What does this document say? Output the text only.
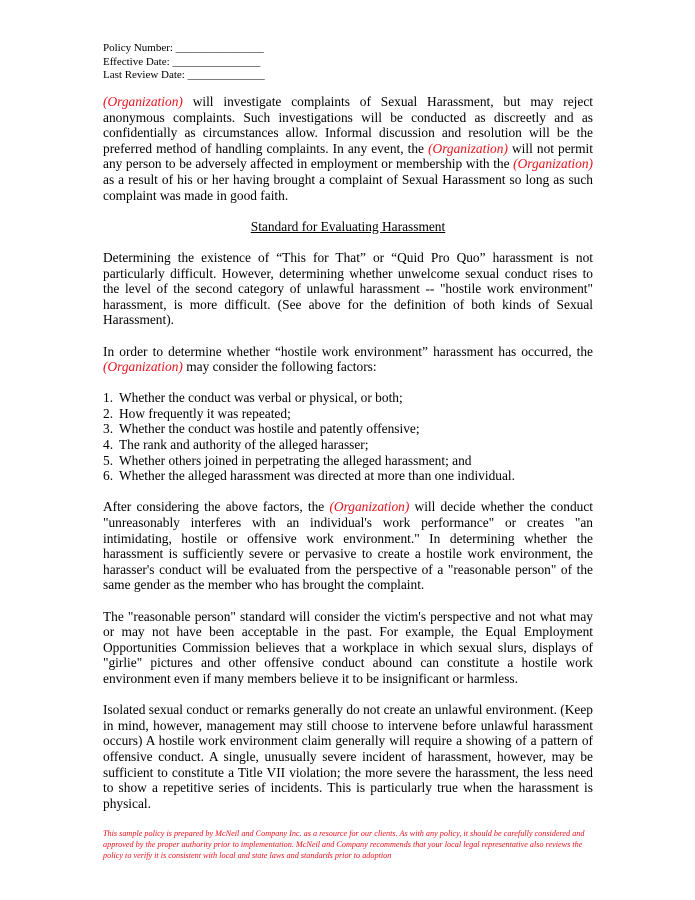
Policy Number: ________________
Effective Date: ________________
Last Review Date: ______________

(Organization) will investigate complaints of Sexual Harassment, but may reject anonymous complaints. Such investigations will be conducted as discreetly and as confidentially as circumstances allow. Informal discussion and resolution will be the preferred method of handling complaints. In any event, the (Organization) will not permit any person to be adversely affected in employment or membership with the (Organization) as a result of his or her having brought a complaint of Sexual Harassment so long as such complaint was made in good faith.

Standard for Evaluating Harassment

Determining the existence of “This for That” or “Quid Pro Quo” harassment is not particularly difficult. However, determining whether unwelcome sexual conduct rises to the level of the second category of unlawful harassment -- "hostile work environment" harassment, is more difficult. (See above for the definition of both kinds of Sexual Harassment).

In order to determine whether “hostile work environment” harassment has occurred, the (Organization) may consider the following factors:

1. Whether the conduct was verbal or physical, or both;
2. How frequently it was repeated;
3. Whether the conduct was hostile and patently offensive;
4. The rank and authority of the alleged harasser;
5. Whether others joined in perpetrating the alleged harassment; and
6. Whether the alleged harassment was directed at more than one individual.

After considering the above factors, the (Organization) will decide whether the conduct "unreasonably interferes with an individual's work performance" or creates "an intimidating, hostile or offensive work environment." In determining whether the harassment is sufficiently severe or pervasive to create a hostile work environment, the harasser's conduct will be evaluated from the perspective of a "reasonable person" of the same gender as the member who has brought the complaint.

The "reasonable person" standard will consider the victim's perspective and not what may or may not have been acceptable in the past. For example, the Equal Employment Opportunities Commission believes that a workplace in which sexual slurs, displays of "girlie" pictures and other offensive conduct abound can constitute a hostile work environment even if many members believe it to be insignificant or harmless.

Isolated sexual conduct or remarks generally do not create an unlawful environment. (Keep in mind, however, management may still choose to intervene before unlawful harassment occurs) A hostile work environment claim generally will require a showing of a pattern of offensive conduct. A single, unusually severe incident of harassment, however, may be sufficient to constitute a Title VII violation; the more severe the harassment, the less need to show a repetitive series of incidents. This is particularly true when the harassment is physical.

This sample policy is prepared by McNeil and Company Inc. as a resource for our clients. As with any policy, it should be carefully considered and approved by the proper authority prior to implementation. McNeil and Company recommends that your local legal representative also reviews the policy to verify it is consistent with local and state laws and standards prior to adoption
